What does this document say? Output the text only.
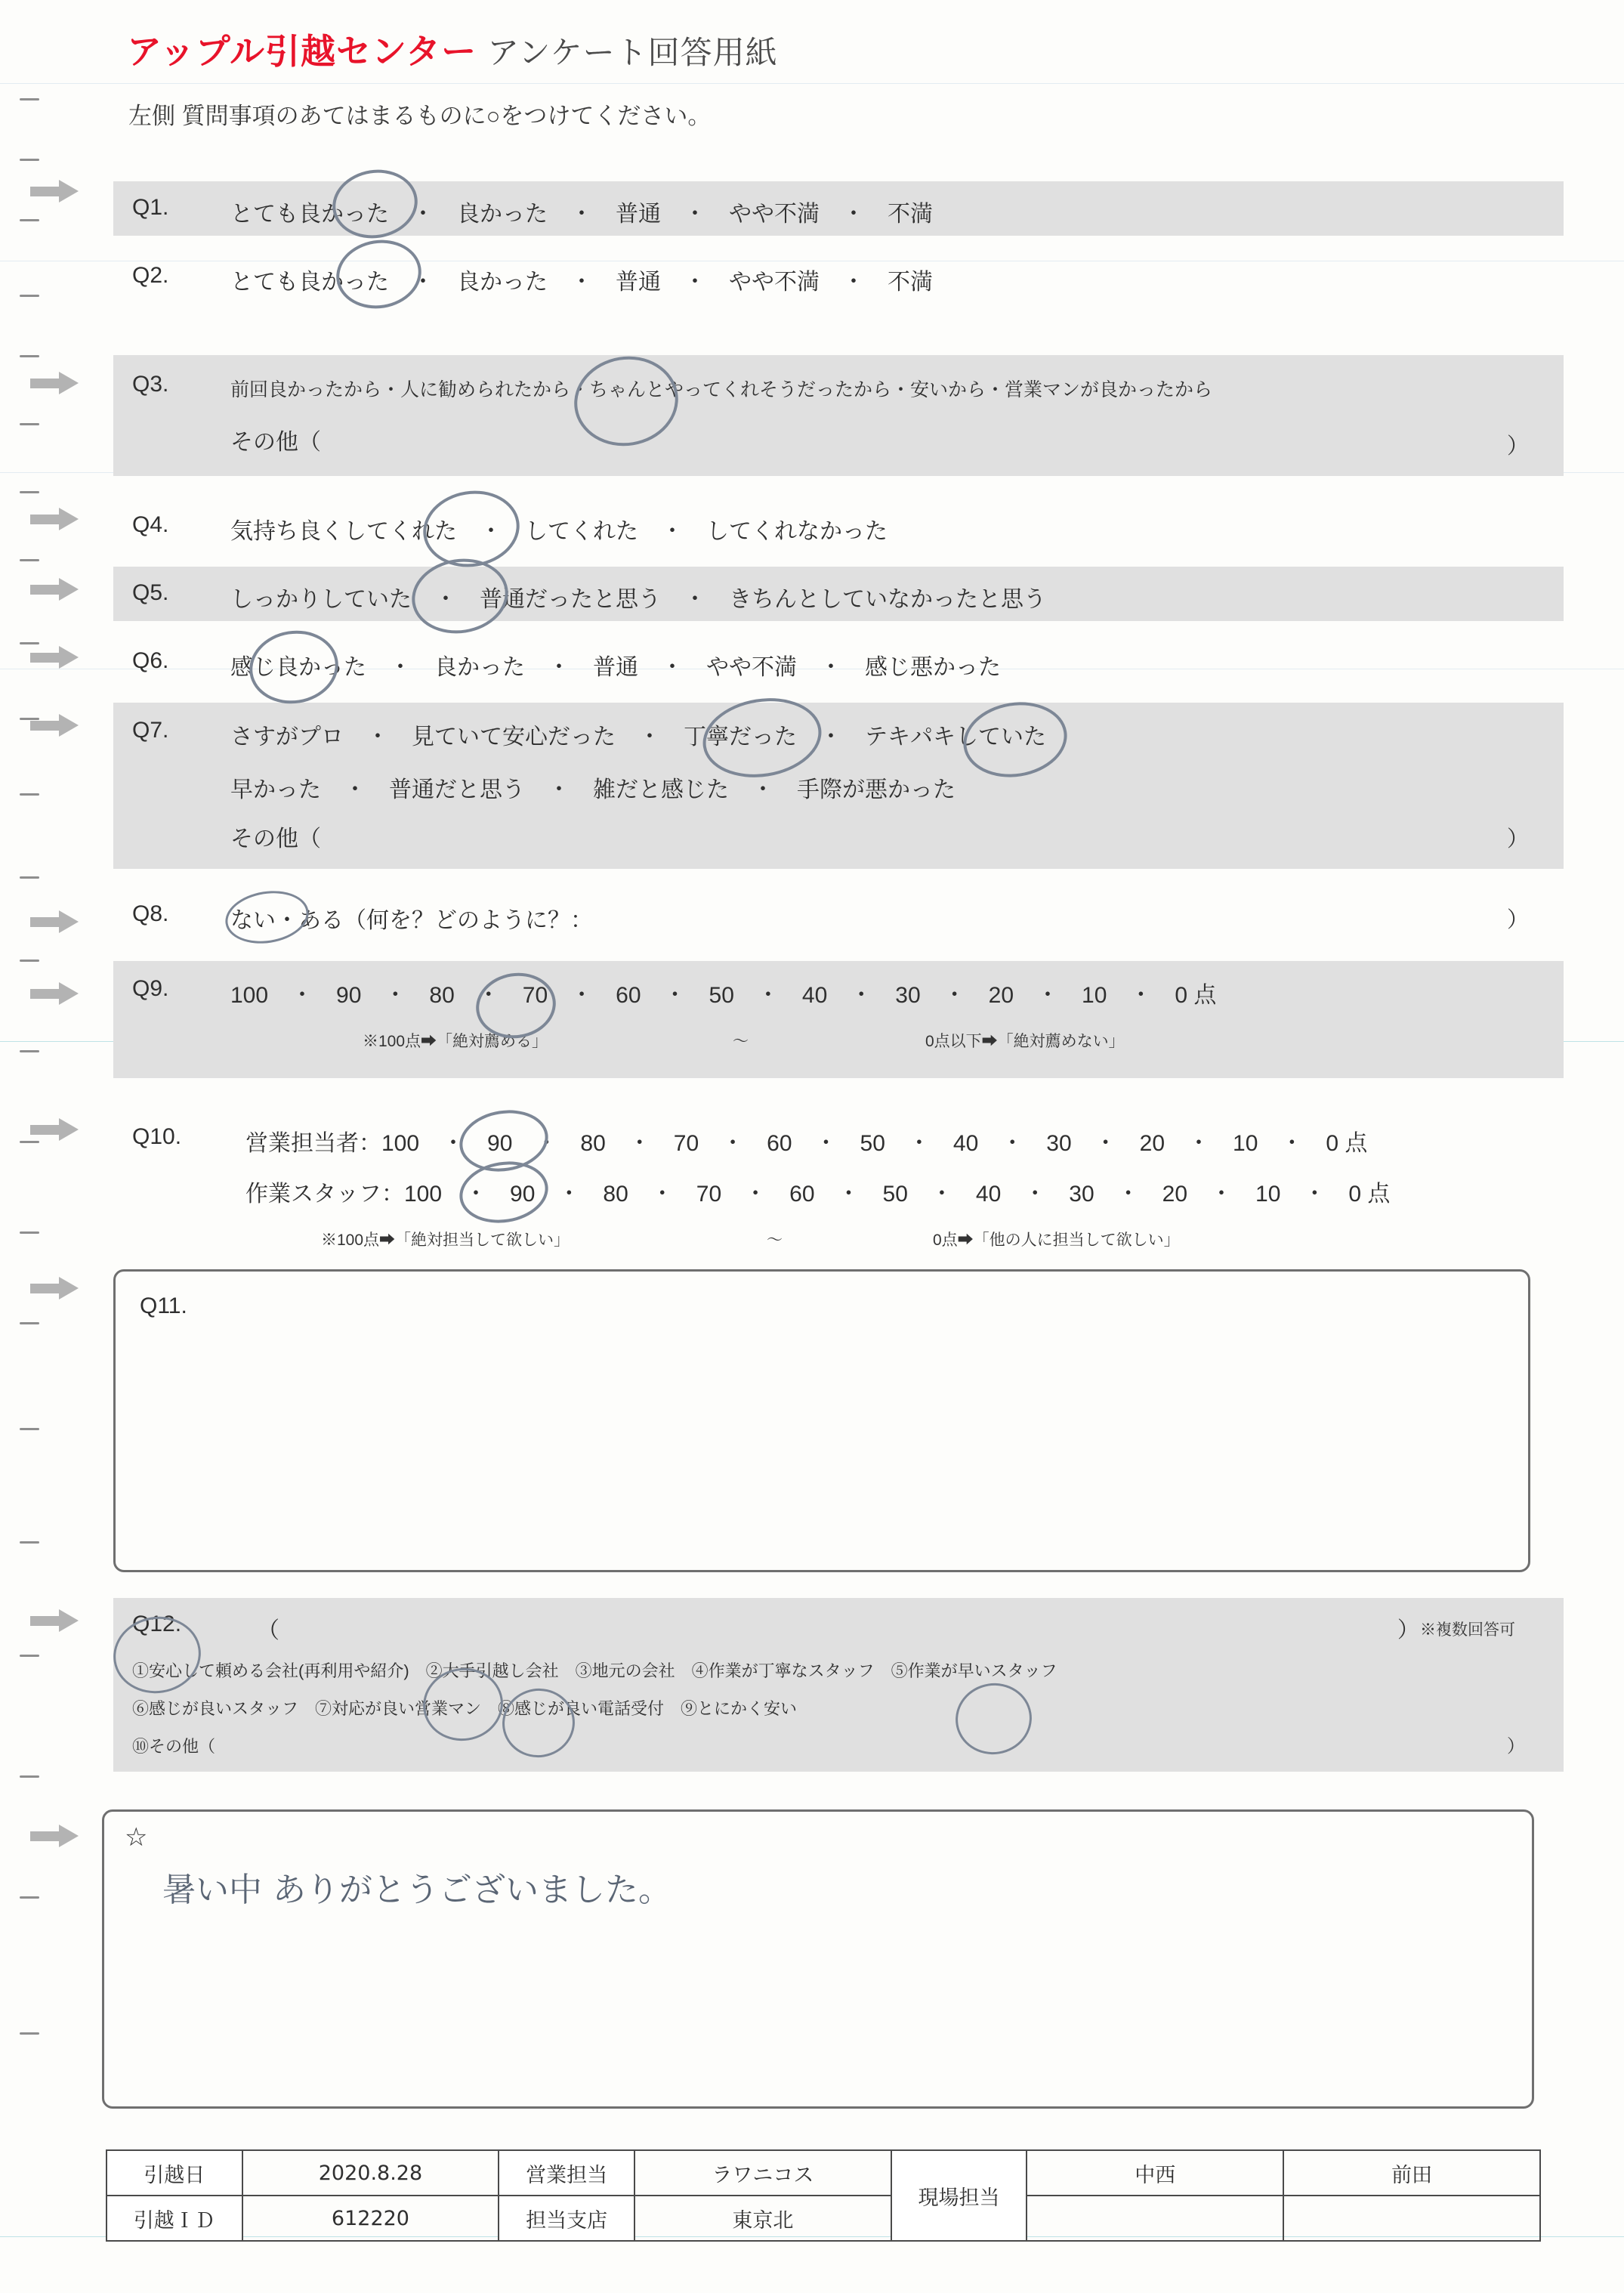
アップル引越センター アンケート回答用紙
左側 質問事項のあてはまるものに○をつけてください。
Q1.	とても良かった　・　良かった　・　普通　・　やや不満　・　不満
Q2.	とても良かった　・　良かった　・　普通　・　やや不満　・　不満
Q3.	前回良かったから・人に勧められたから・ちゃんとやってくれそうだったから・安いから・営業マンが良かったから
その他（	）
Q4.	気持ち良くしてくれた　・　してくれた　・　してくれなかった
Q5.	しっかりしていた　・　普通だったと思う　・　きちんとしていなかったと思う
Q6.	感じ良かった　・　良かった　・　普通　・　やや不満　・　感じ悪かった
Q7.	さすがプロ　・　見ていて安心だった　・　丁寧だった　・　テキパキしていた
早かった　・　普通だと思う　・　雑だと感じた　・　手際が悪かった
その他（	）
Q8.	ない・ある（何を？どのように？：	）
Q9.	100　・　90　・　80　・　70　・　60　・　50　・　40　・　30　・　20　・　10　・　0 点
※100点➡「絶対薦める」	〜	0点以下➡「絶対薦めない」
Q10.	営業担当者：100　・　90　・　80　・　70　・　60　・　50　・　40　・　30　・　20　・　10　・　0 点
作業スタッフ：100　・　90　・　80　・　70　・　60　・　50　・　40　・　30　・　20　・　10　・　0 点
※100点➡「絶対担当して欲しい」	〜	0点➡「他の人に担当して欲しい」
Q11.
Q12.	（	） ※複数回答可
①安心して頼める会社(再利用や紹介)　②大手引越し会社　③地元の会社　④作業が丁寧なスタッフ　⑤作業が早いスタッフ
⑥感じが良いスタッフ　⑦対応が良い営業マン　⑧感じが良い電話受付　⑨とにかく安い
⑩その他（	）
☆
暑い中 ありがとうございました。
引越日	2020.8.28	営業担当	ラワニコス	現場担当	中西	前田
引越ＩＤ	612220	担当支店	東京北			
